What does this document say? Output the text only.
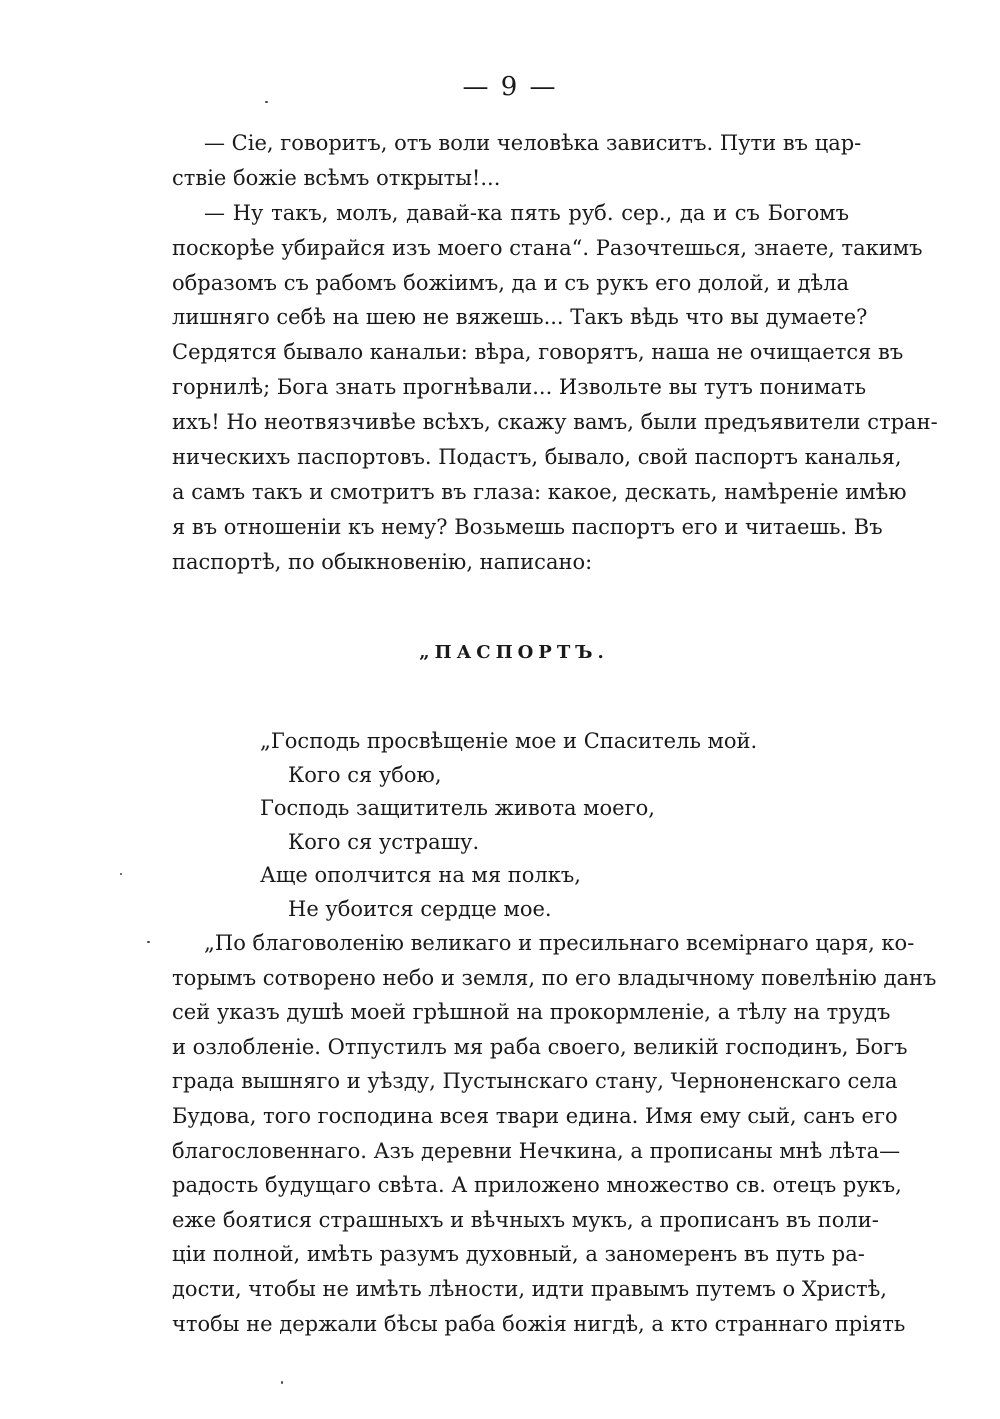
— 9 —
— Сіе, говоритъ, отъ воли человѣка зависитъ. Пути въ цар-
ствіе божіе всѣмъ открыты!...
— Ну такъ, молъ, давай-ка пять руб. сер., да и съ Богомъ
поскорѣе убирайся изъ моего стана“. Разочтешься, знаете, такимъ
образомъ съ рабомъ божіимъ, да и съ рукъ его долой, и дѣла
лишняго себѣ на шею не вяжешь... Такъ вѣдь что вы думаете?
Сердятся бывало канальи: вѣра, говорятъ, наша не очищается въ
горнилѣ; Бога знать прогнѣвали... Извольте вы тутъ понимать
ихъ! Но неотвязчивѣе всѣхъ, скажу вамъ, были предъявители стран-
ническихъ паспортовъ. Подастъ, бывало, свой паспортъ каналья,
а самъ такъ и смотритъ въ глаза: какое, дескать, намѣреніе имѣю
я въ отношеніи къ нему? Возьмешь паспортъ его и читаешь. Въ
паспортѣ, по обыкновенію, написано:
„ПАСПОРТЪ.
„Господь просвѣщеніе мое и Спаситель мой.
Кого ся убою,
Господь защититель живота моего,
Кого ся устрашу.
Аще ополчится на мя полкъ,
Не убоится сердце мое.
„По благоволенію великаго и пресильнаго всемірнаго царя, ко-
торымъ сотворено небо и земля, по его владычному повелѣнію данъ
сей указъ душѣ моей грѣшной на прокормленіе, а тѣлу на трудъ
и озлобленіе. Отпустилъ мя раба своего, великій господинъ, Богъ
града вышняго и уѣзду, Пустынскаго стану, Черноненскаго села
Будова, того господина всея твари едина. Имя ему сый, санъ его
благословеннаго. Азъ деревни Нечкина, а прописаны мнѣ лѣта—
радость будущаго свѣта. А приложено множество св. отецъ рукъ,
еже боятися страшныхъ и вѣчныхъ мукъ, а прописанъ въ поли-
ціи полной, имѣть разумъ духовный, а заномеренъ въ путь ра-
дости, чтобы не имѣть лѣности, идти правымъ путемъ о Христѣ,
чтобы не держали бѣсы раба божія нигдѣ, а кто страннаго пріять
